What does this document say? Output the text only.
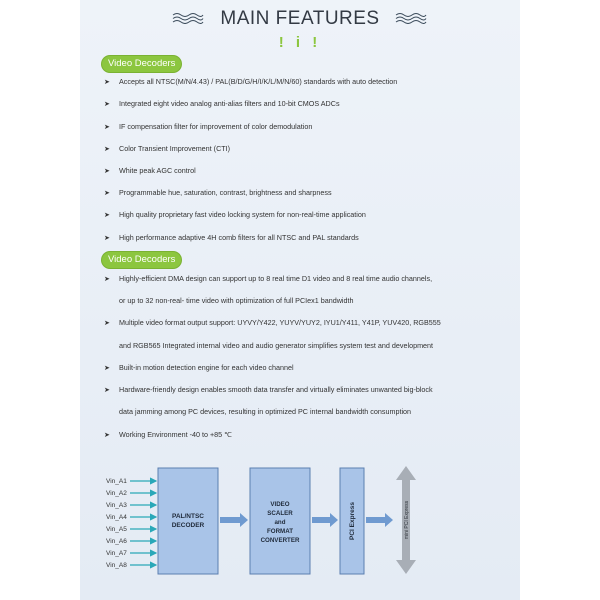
MAIN FEATURES
! i !
Video Decoders
➤ Accepts all NTSC(M/N/4.43) / PAL(B/D/G/H/I/K/L/M/N/60) standards with auto detection
➤ Integrated eight video analog anti-alias filters and 10-bit CMOS ADCs
➤ IF compensation filter for improvement of color demodulation
➤ Color Transient Improvement (CTI)
➤ White peak AGC control
➤ Programmable hue, saturation, contrast, brightness and sharpness
➤ High quality proprietary fast video locking system for non-real-time application
➤ High performance adaptive 4H comb filters for all NTSC and PAL standards
Video Decoders
➤ Highly-efficient DMA design can support up to 8 real time D1 video and 8 real time audio channels,
or up to 32 non-real- time video with optimization of full PCIex1 bandwidth
➤ Multiple video format output support: UYVY/Y422, YUYV/YUY2, IYU1/Y411, Y41P, YUV420, RGB555
and RGB565 Integrated internal video and audio generator simplifies system test and development
➤ Built-in motion detection engine for each video channel
➤ Hardware-friendly design enables smooth data transfer and virtually eliminates unwanted big-block
data jamming among PC devices, resulting in optimized PC internal bandwidth consumption
➤ Working Environment -40 to +85 ℃
Vin_A1
Vin_A2
Vin_A3
Vin_A4
Vin_A5
Vin_A6
Vin_A7
Vin_A8
PAL/NTSC
DECODER
VIDEO
SCALER
and
FORMAT
CONVERTER
PCI Express	mini PCI Express
